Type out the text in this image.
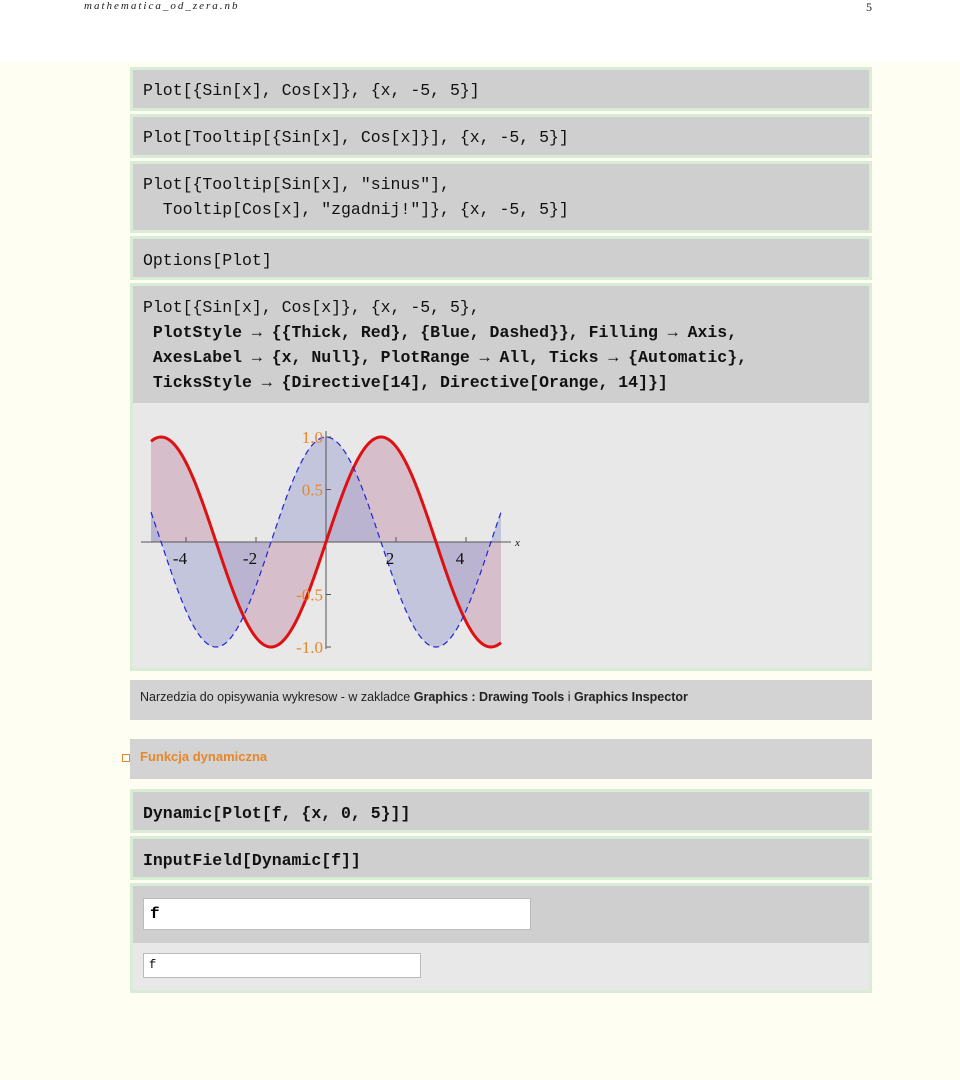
mathematica_od_zera.nb	5
Plot[{Sin[x], Cos[x]}, {x, -5, 5}]
Plot[Tooltip[{Sin[x], Cos[x]}], {x, -5, 5}]
Plot[{Tooltip[Sin[x], "sinus"],
Tooltip[Cos[x], "zgadnij!"]}, {x, -5, 5}]
Options[Plot]
Plot[{Sin[x], Cos[x]}, {x, -5, 5},
PlotStyle → {{Thick, Red}, {Blue, Dashed}}, Filling → Axis,
AxesLabel → {x, Null}, PlotRange → All, Ticks → {Automatic},
TicksStyle → {Directive[14], Directive[Orange, 14]}]
-4	-2	2	4
1.0
0.5
-0.5
-1.0
x
Narzedzia do opisywania wykresow - w zakladce Graphics : Drawing Tools i Graphics Inspector
Funkcja dynamiczna
Dynamic[Plot[f, {x, 0, 5}]]
InputField[Dynamic[f]]
f
f
